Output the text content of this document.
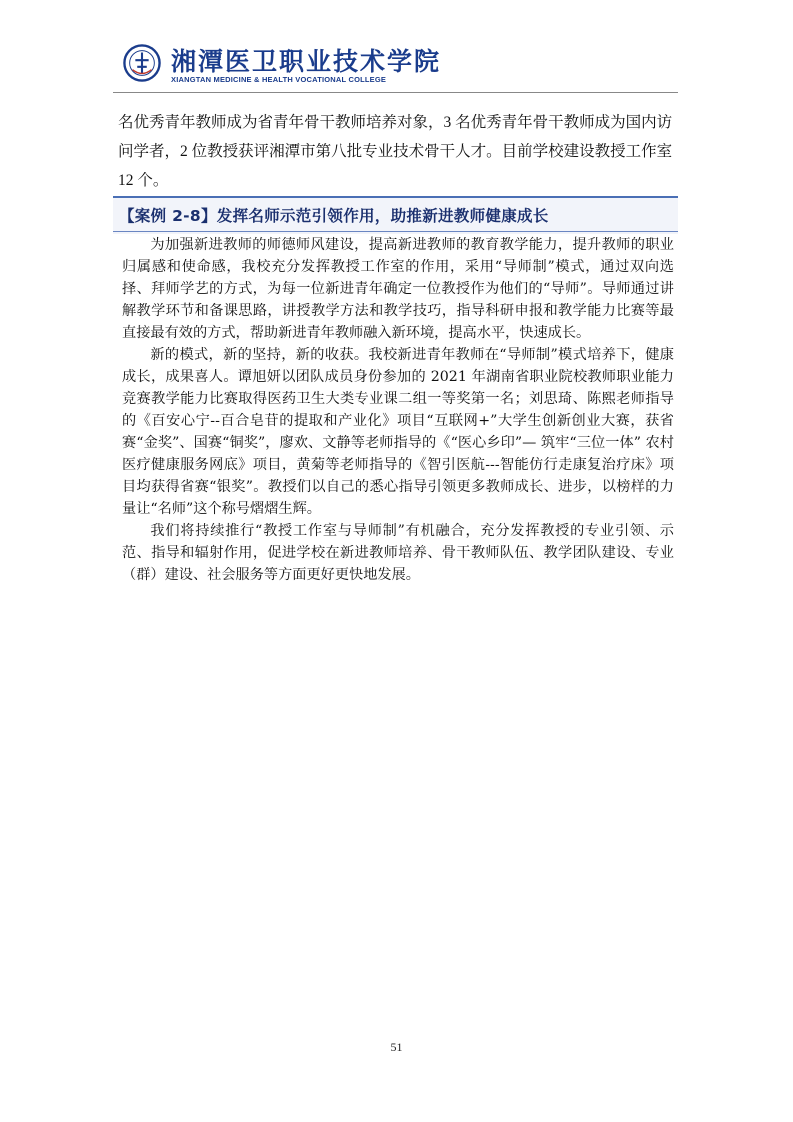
湘潭医卫职业技术学院
XIANGTAN MEDICINE & HEALTH VOCATIONAL COLLEGE

名优秀青年教师成为省青年骨干教师培养对象，3 名优秀青年骨干教师成为国内访问学者，2 位教授获评湘潭市第八批专业技术骨干人才。目前学校建设教授工作室 12 个。

【案例 2-8】发挥名师示范引领作用，助推新进教师健康成长

为加强新进教师的师德师风建设，提高新进教师的教育教学能力，提升教师的职业归属感和使命感，我校充分发挥教授工作室的作用，采用“导师制”模式，通过双向选择、拜师学艺的方式，为每一位新进青年确定一位教授作为他们的“导师”。导师通过讲解教学环节和备课思路，讲授教学方法和教学技巧，指导科研申报和教学能力比赛等最直接最有效的方式，帮助新进青年教师融入新环境，提高水平，快速成长。

新的模式，新的坚持，新的收获。我校新进青年教师在“导师制”模式培养下，健康成长，成果喜人。谭旭妍以团队成员身份参加的 2021 年湖南省职业院校教师职业能力竞赛教学能力比赛取得医药卫生大类专业课二组一等奖第一名；刘思琦、陈熙老师指导的《百安心宁--百合皂苷的提取和产业化》项目“互联网+”大学生创新创业大赛，获省赛“金奖”、国赛“铜奖”，廖欢、文静等老师指导的《“医心乡印”— 筑牢“三位一体” 农村医疗健康服务网底》项目，黄菊等老师指导的《智引医航---智能仿行走康复治疗床》项目均获得省赛“银奖”。教授们以自己的悉心指导引领更多教师成长、进步，以榜样的力量让“名师”这个称号熠熠生辉。

我们将持续推行“教授工作室与导师制”有机融合，充分发挥教授的专业引领、示范、指导和辐射作用，促进学校在新进教师培养、骨干教师队伍、教学团队建设、专业（群）建设、社会服务等方面更好更快地发展。

51
